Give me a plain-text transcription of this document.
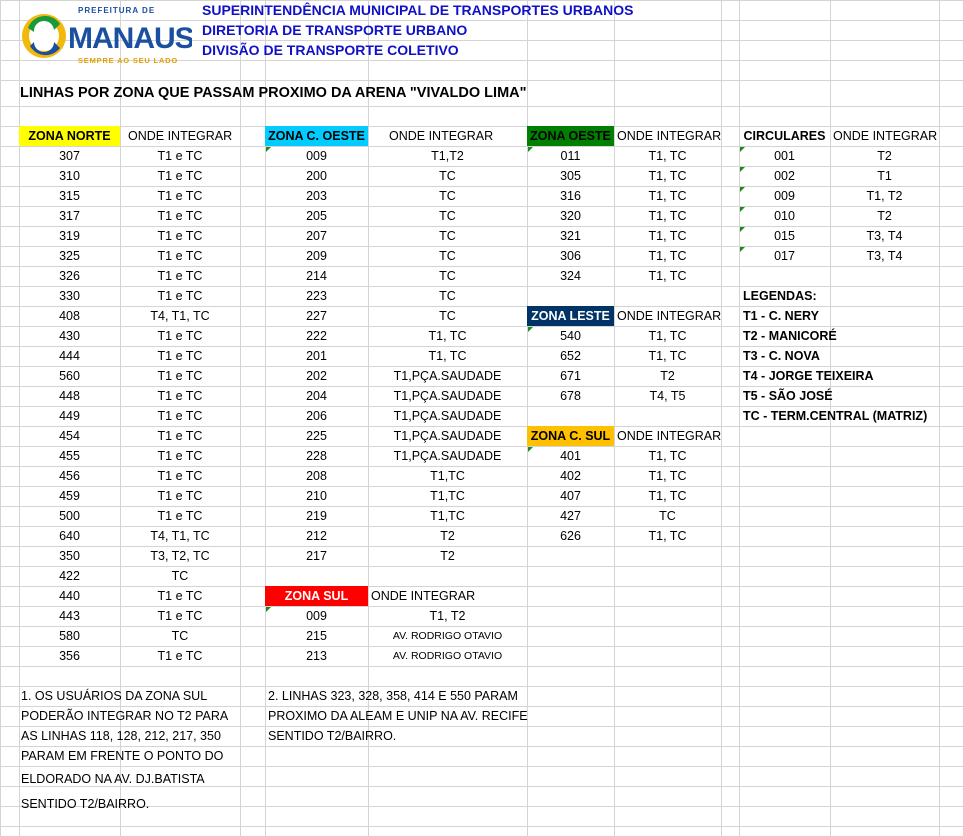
PREFEITURA DE
MANAUS
SEMPRE AO SEU LADO
SUPERINTENDÊNCIA MUNICIPAL DE TRANSPORTES URBANOS
DIRETORIA DE TRANSPORTE URBANO
DIVISÃO DE TRANSPORTE COLETIVO
LINHAS POR ZONA QUE PASSAM PROXIMO DA ARENA "VIVALDO LIMA"
ZONA NORTE	ONDE INTEGRAR
307	T1 e TC
310	T1 e TC
315	T1 e TC
317	T1 e TC
319	T1 e TC
325	T1 e TC
326	T1 e TC
330	T1 e TC
408	T4, T1, TC
430	T1 e TC
444	T1 e TC
560	T1 e TC
448	T1 e TC
449	T1 e TC
454	T1 e TC
455	T1 e TC
456	T1 e TC
459	T1 e TC
500	T1 e TC
640	T4, T1, TC
350	T3, T2, TC
422	TC
440	T1 e TC
443	T1 e TC
580	TC
356	T1 e TC
ZONA C. OESTE ONDE INTEGRAR
009	T1,T2
200	TC
203	TC
205	TC
207	TC
209	TC
214	TC
223	TC
227	TC
222	T1, TC
201	T1, TC
202	T1,PÇA.SAUDADE
204	T1,PÇA.SAUDADE
206	T1,PÇA.SAUDADE
225	T1,PÇA.SAUDADE
228	T1,PÇA.SAUDADE
208	T1,TC
210	T1,TC
219	T1,TC
212	T2
217	T2
ZONA SUL	ONDE INTEGRAR
009	T1, T2
215	AV. RODRIGO OTAVIO
213	AV. RODRIGO OTAVIO
ZONA OESTE ONDE INTEGRAR
011	T1, TC
305	T1, TC
316	T1, TC
320	T1, TC
321	T1, TC
306	T1, TC
324	T1, TC
ZONA LESTE ONDE INTEGRAR
540	T1, TC
652	T1, TC
671	T2
678	T4, T5
ZONA C. SUL ONDE INTEGRAR
401	T1, TC
402	T1, TC
407	T1, TC
427	TC
626	T1, TC
CIRCULARES ONDE INTEGRAR
001	T2
002	T1
009	T1, T2
010	T2
015	T3, T4
017	T3, T4
LEGENDAS:
T1 - C. NERY
T2 - MANICORÉ
T3 - C. NOVA
T4 - JORGE TEIXEIRA
T5 - SÃO JOSÉ
TC - TERM.CENTRAL (MATRIZ)
1. OS USUÁRIOS DA ZONA SUL
PODERÃO INTEGRAR NO T2 PARA
AS LINHAS 118, 128, 212, 217, 350
PARAM EM FRENTE O PONTO DO
ELDORADO NA AV. DJ.BATISTA
SENTIDO T2/BAIRRO.
2. LINHAS 323, 328, 358, 414 E 550 PARAM
PROXIMO DA ALEAM E UNIP NA AV. RECIFE
SENTIDO T2/BAIRRO.
